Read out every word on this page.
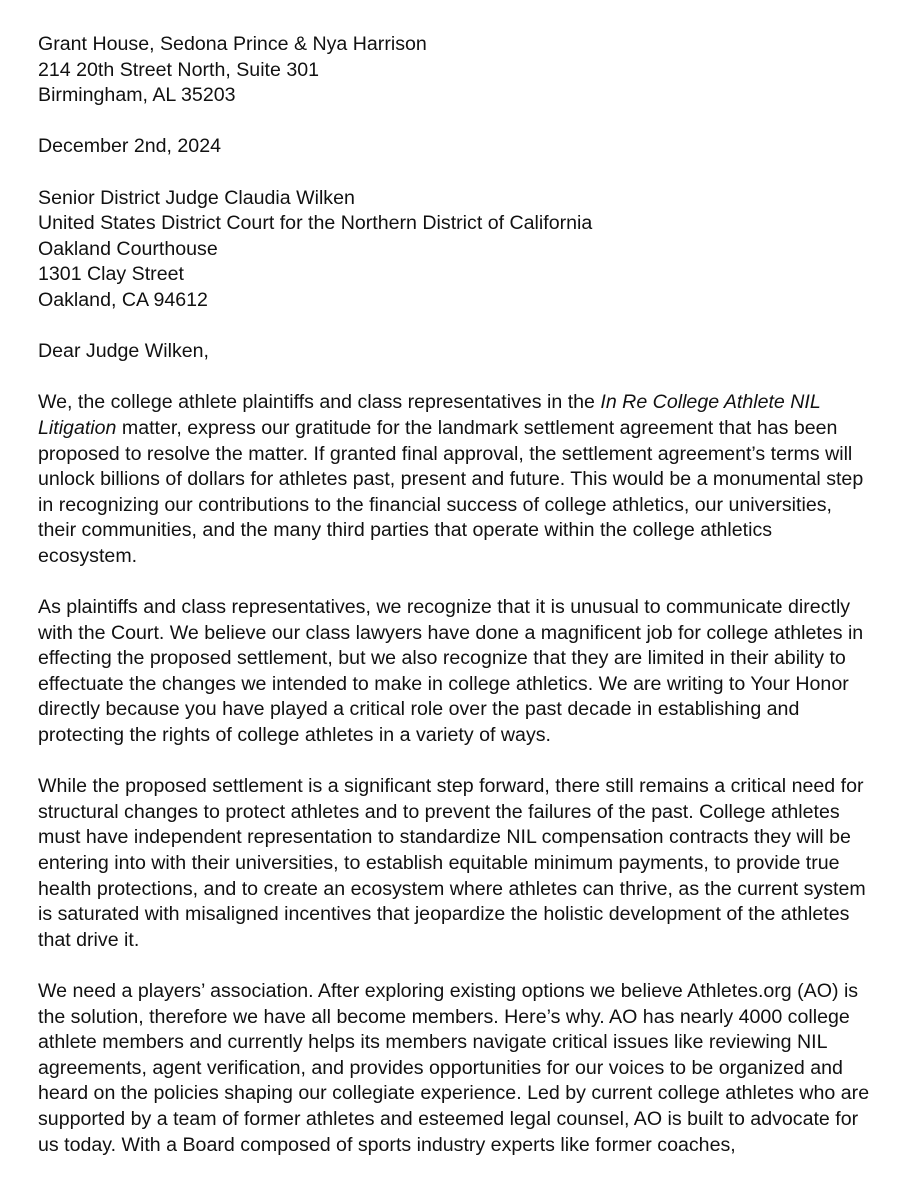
Grant House, Sedona Prince & Nya Harrison
214 20th Street North, Suite 301
Birmingham, AL 35203
December 2nd, 2024
Senior District Judge Claudia Wilken
United States District Court for the Northern District of California
Oakland Courthouse
1301 Clay Street
Oakland, CA 94612
Dear Judge Wilken,
We, the college athlete plaintiffs and class representatives in the In Re College Athlete NIL
Litigation matter, express our gratitude for the landmark settlement agreement that has been
proposed to resolve the matter. If granted final approval, the settlement agreement’s terms will
unlock billions of dollars for athletes past, present and future. This would be a monumental step
in recognizing our contributions to the financial success of college athletics, our universities,
their communities, and the many third parties that operate within the college athletics
ecosystem.
As plaintiffs and class representatives, we recognize that it is unusual to communicate directly
with the Court. We believe our class lawyers have done a magnificent job for college athletes in
effecting the proposed settlement, but we also recognize that they are limited in their ability to
effectuate the changes we intended to make in college athletics. We are writing to Your Honor
directly because you have played a critical role over the past decade in establishing and
protecting the rights of college athletes in a variety of ways.
While the proposed settlement is a significant step forward, there still remains a critical need for
structural changes to protect athletes and to prevent the failures of the past. College athletes
must have independent representation to standardize NIL compensation contracts they will be
entering into with their universities, to establish equitable minimum payments, to provide true
health protections, and to create an ecosystem where athletes can thrive, as the current system
is saturated with misaligned incentives that jeopardize the holistic development of the athletes
that drive it.
We need a players’ association. After exploring existing options we believe Athletes.org (AO) is
the solution, therefore we have all become members. Here’s why. AO has nearly 4000 college
athlete members and currently helps its members navigate critical issues like reviewing NIL
agreements, agent verification, and provides opportunities for our voices to be organized and
heard on the policies shaping our collegiate experience. Led by current college athletes who are
supported by a team of former athletes and esteemed legal counsel, AO is built to advocate for
us today. With a Board composed of sports industry experts like former coaches,
